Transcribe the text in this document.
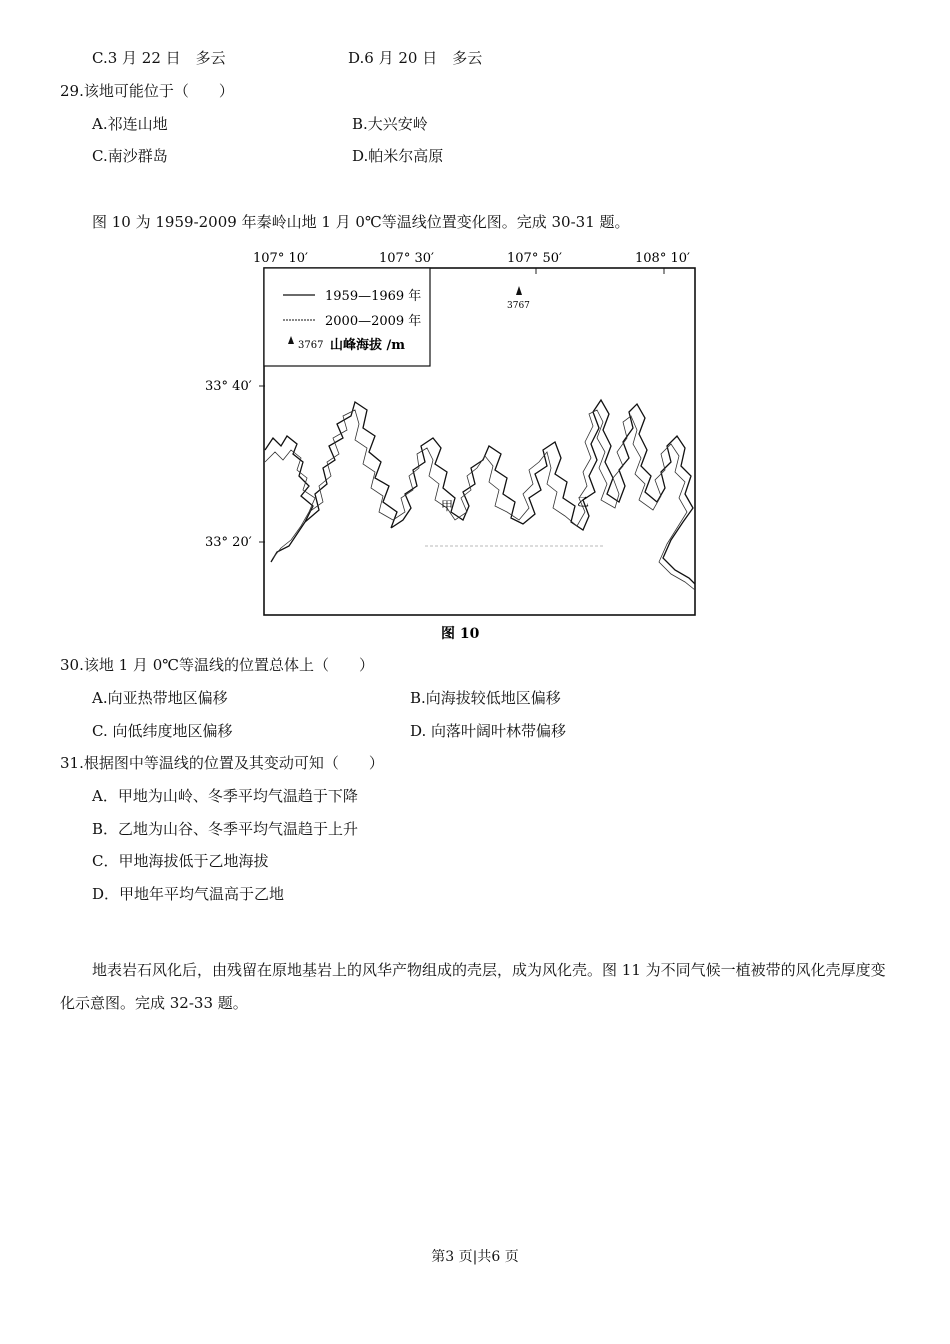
C.3 月 22 日　多云	D.6 月 20 日　多云
29.该地可能位于（　　）
A.祁连山地	B.大兴安岭
C.南沙群岛	D.帕米尔高原
图 10 为 1959-2009 年秦岭山地 1 月 0℃等温线位置变化图。完成 30-31 题。
107° 10′	107° 30′	107° 50′	108° 10′
33° 40′
33° 20′
1959—1969 年
2000—2009 年
3767 山峰海拔 /m
3767
甲	乙
图 10
30.该地 1 月 0℃等温线的位置总体上（　　）
A.向亚热带地区偏移	B.向海拔较低地区偏移
C. 向低纬度地区偏移	D. 向落叶阔叶林带偏移
31.根据图中等温线的位置及其变动可知（　　）
A．甲地为山岭、冬季平均气温趋于下降
B．乙地为山谷、冬季平均气温趋于上升
C．甲地海拔低于乙地海拔
D．甲地年平均气温高于乙地
地表岩石风化后，由残留在原地基岩上的风华产物组成的壳层，成为风化壳。图 11 为不同气候一植被带的风化壳厚度变化示意图。完成 32-33 题。
第3 页|共6 页
